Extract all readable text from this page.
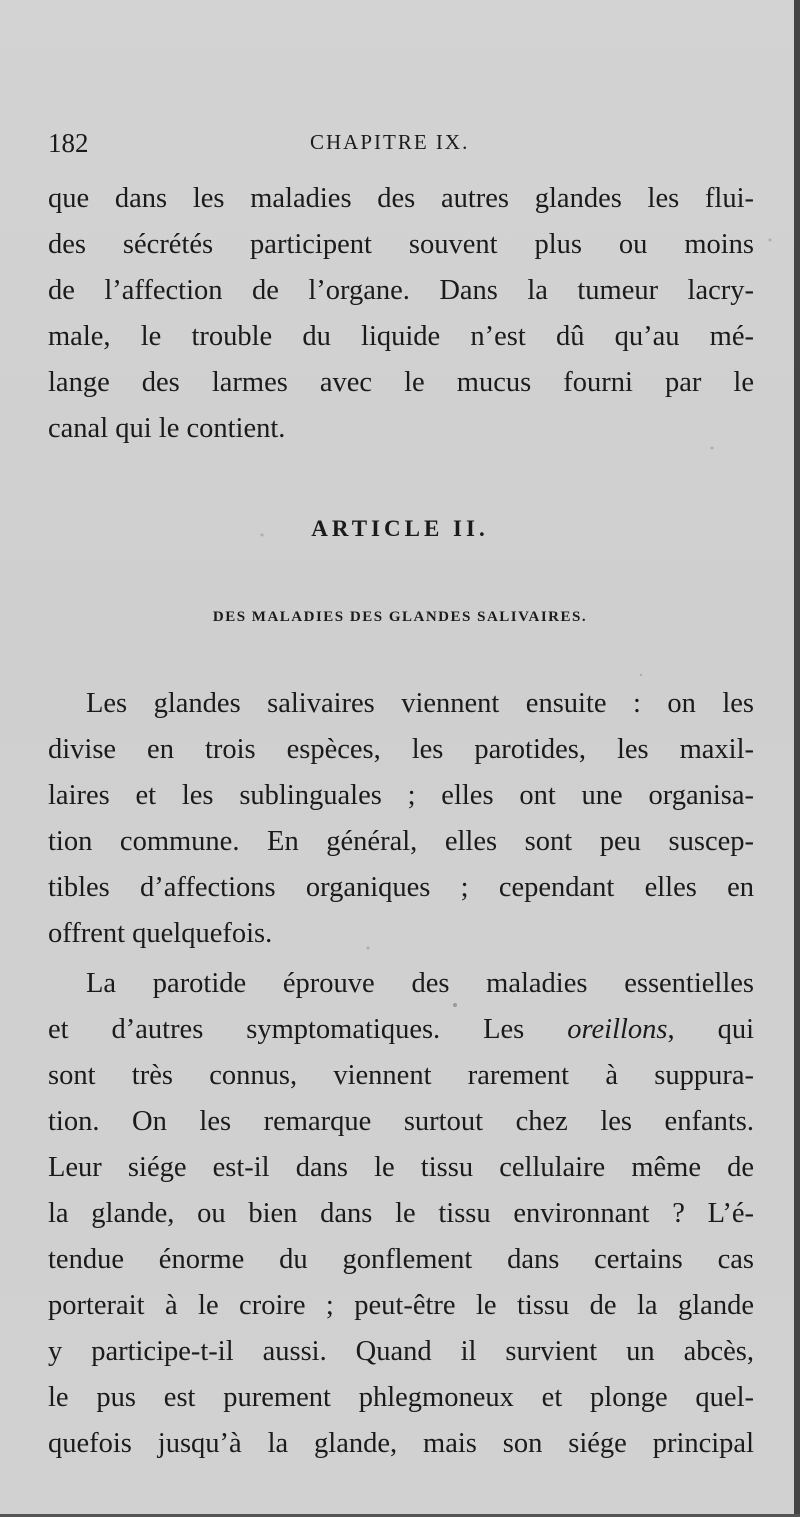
182	CHAPITRE IX.
que dans les maladies des autres glandes les flui-
des sécrétés participent souvent plus ou moins
de l’affection de l’organe. Dans la tumeur lacry-
male, le trouble du liquide n’est dû qu’au mé-
lange des larmes avec le mucus fourni par le
canal qui le contient.
ARTICLE II.
DES MALADIES DES GLANDES SALIVAIRES.
Les glandes salivaires viennent ensuite : on les
divise en trois espèces, les parotides, les maxil-
laires et les sublinguales ; elles ont une organisa-
tion commune. En général, elles sont peu suscep-
tibles d’affections organiques ; cependant elles en
offrent quelquefois.
La parotide éprouve des maladies essentielles
et d’autres symptomatiques. Les oreillons, qui
sont très connus, viennent rarement à suppura-
tion. On les remarque surtout chez les enfants.
Leur siége est-il dans le tissu cellulaire même de
la glande, ou bien dans le tissu environnant ? L’é-
tendue énorme du gonflement dans certains cas
porterait à le croire ; peut-être le tissu de la glande
y participe-t-il aussi. Quand il survient un abcès,
le pus est purement phlegmoneux et plonge quel-
quefois jusqu’à la glande, mais son siége principal
